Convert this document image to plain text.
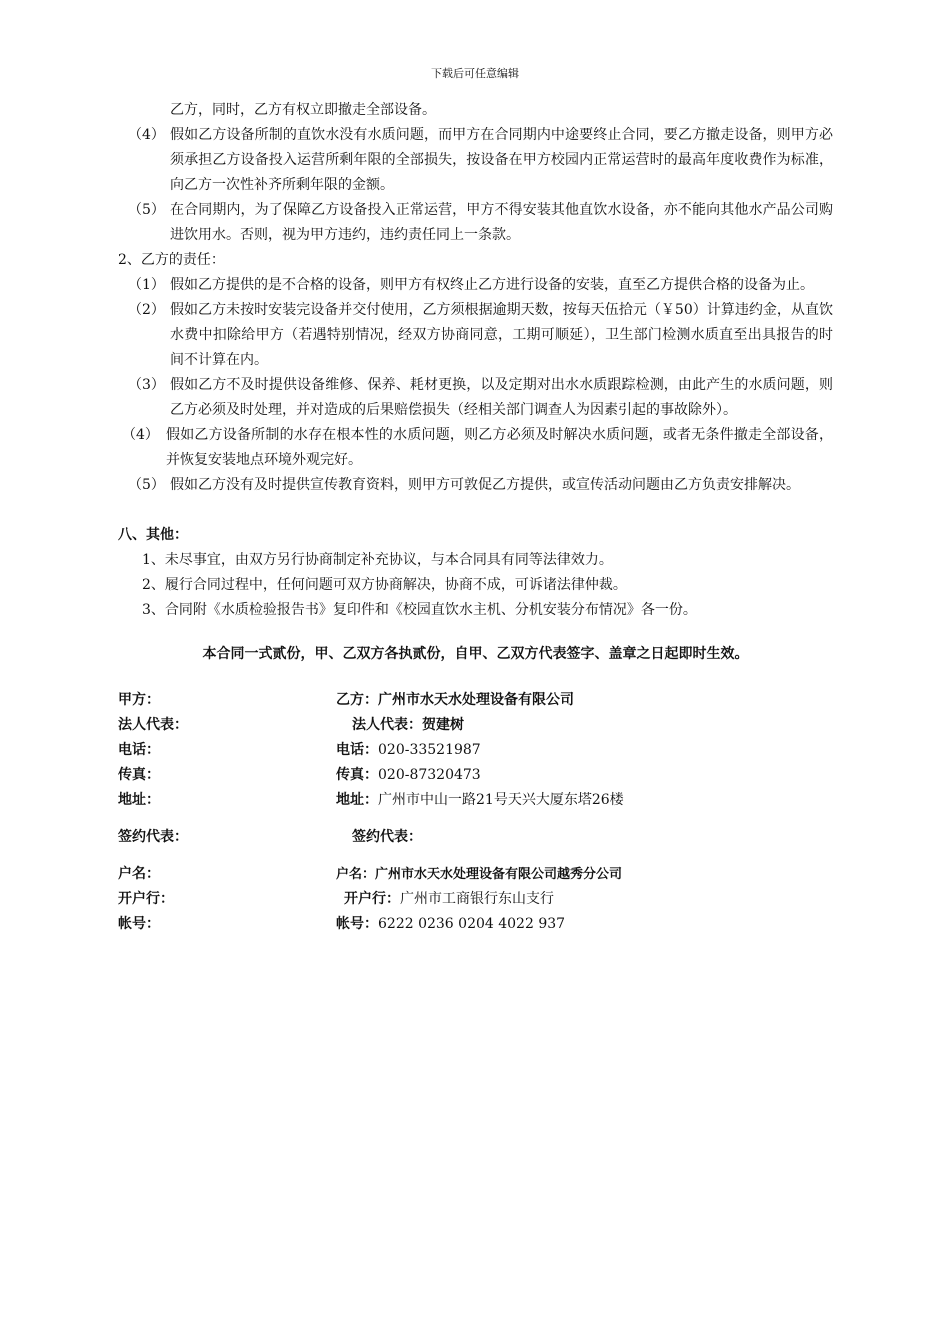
下载后可任意编辑
乙方，同时，乙方有权立即撤走全部设备。
（4） 假如乙方设备所制的直饮水没有水质问题，而甲方在合同期内中途要终止合同，要乙方撤走设备，则甲方必须承担乙方设备投入运营所剩年限的全部损失，按设备在甲方校园内正常运营时的最高年度收费作为标准，向乙方一次性补齐所剩年限的金额。
（5） 在合同期内，为了保障乙方设备投入正常运营，甲方不得安装其他直饮水设备，亦不能向其他水产品公司购进饮用水。否则，视为甲方违约，违约责任同上一条款。
2、乙方的责任：
（1） 假如乙方提供的是不合格的设备，则甲方有权终止乙方进行设备的安装，直至乙方提供合格的设备为止。
（2） 假如乙方未按时安装完设备并交付使用，乙方须根据逾期天数，按每天伍拾元（￥50）计算违约金，从直饮水费中扣除给甲方（若遇特别情况，经双方协商同意，工期可顺延），卫生部门检测水质直至出具报告的时间不计算在内。
（3） 假如乙方不及时提供设备维修、保养、耗材更换，以及定期对出水水质跟踪检测，由此产生的水质问题，则乙方必须及时处理，并对造成的后果赔偿损失（经相关部门调查人为因素引起的事故除外）。
（4） 假如乙方设备所制的水存在根本性的水质问题，则乙方必须及时解决水质问题，或者无条件撤走全部设备，并恢复安装地点环境外观完好。
（5） 假如乙方没有及时提供宣传教育资料，则甲方可敦促乙方提供，或宣传活动问题由乙方负责安排解决。
八、其他：
1、未尽事宜，由双方另行协商制定补充协议，与本合同具有同等法律效力。
2、履行合同过程中，任何问题可双方协商解决，协商不成，可诉诸法律仲裁。
3、合同附《水质检验报告书》复印件和《校园直饮水主机、分机安装分布情况》各一份。
本合同一式贰份，甲、乙双方各执贰份，自甲、乙双方代表签字、盖章之日起即时生效。
甲方：	乙方：广州市水天水处理设备有限公司
法人代表：	法人代表：贺建树
电话：	电话：020-33521987
传真：	传真：020-87320473
地址：	地址：广州市中山一路21号天兴大厦东塔26楼
签约代表：	签约代表：
户名：	户名：广州市水天水处理设备有限公司越秀分公司
开户行：	开户行：广州市工商银行东山支行
帐号：	帐号：6222 0236 0204 4022 937
